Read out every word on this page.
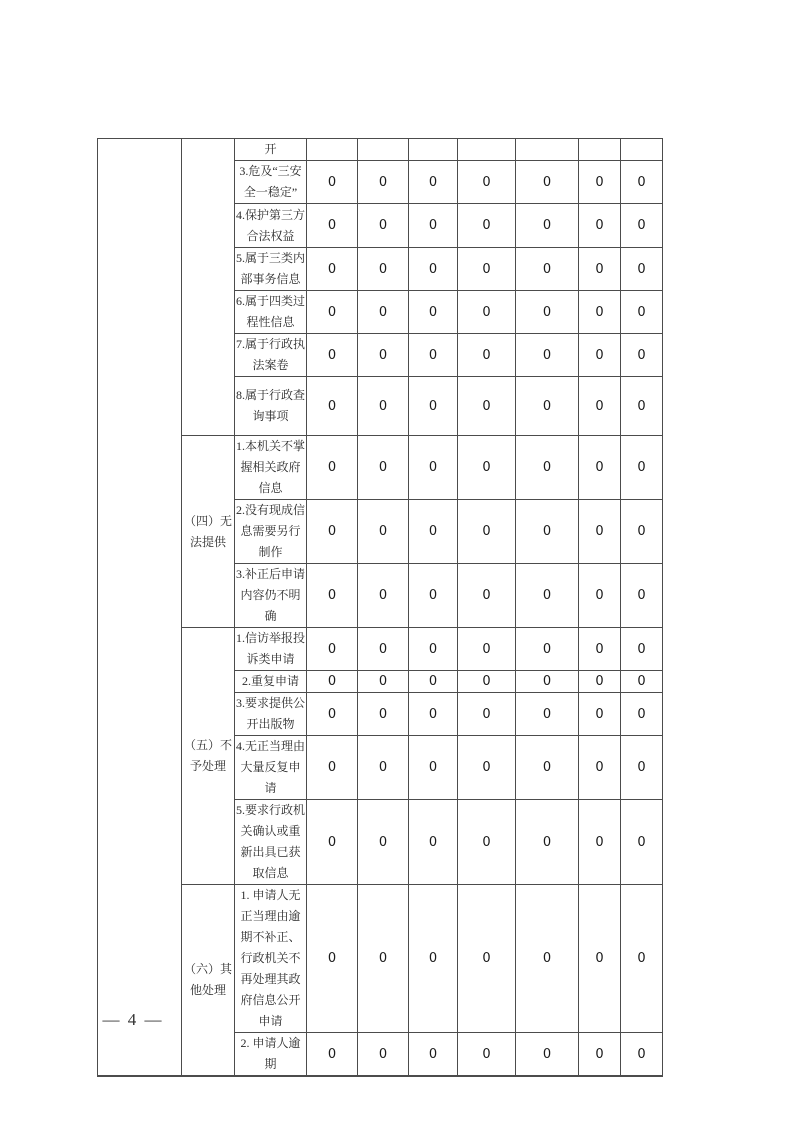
		开							
		3.危及“三安全一稳定”	0	0	0	0	0	0	0
		4.保护第三方合法权益	0	0	0	0	0	0	0
		5.属于三类内部事务信息	0	0	0	0	0	0	0
		6.属于四类过程性信息	0	0	0	0	0	0	0
		7.属于行政执法案卷	0	0	0	0	0	0	0
		8.属于行政查询事项	0	0	0	0	0	0	0
	（四）无法提供	1.本机关不掌握相关政府信息	0	0	0	0	0	0	0
		2.没有现成信息需要另行制作	0	0	0	0	0	0	0
		3.补正后申请内容仍不明确	0	0	0	0	0	0	0
	（五）不予处理	1.信访举报投诉类申请	0	0	0	0	0	0	0
		2.重复申请	0	0	0	0	0	0	0
		3.要求提供公开出版物	0	0	0	0	0	0	0
		4.无正当理由大量反复申请	0	0	0	0	0	0	0
		5.要求行政机关确认或重新出具已获取信息	0	0	0	0	0	0	0
	（六）其他处理	1. 申请人无正当理由逾期不补正、行政机关不再处理其政府信息公开申请	0	0	0	0	0	0	0
		2. 申请人逾期	0	0	0	0	0	0	0
— 4 —
